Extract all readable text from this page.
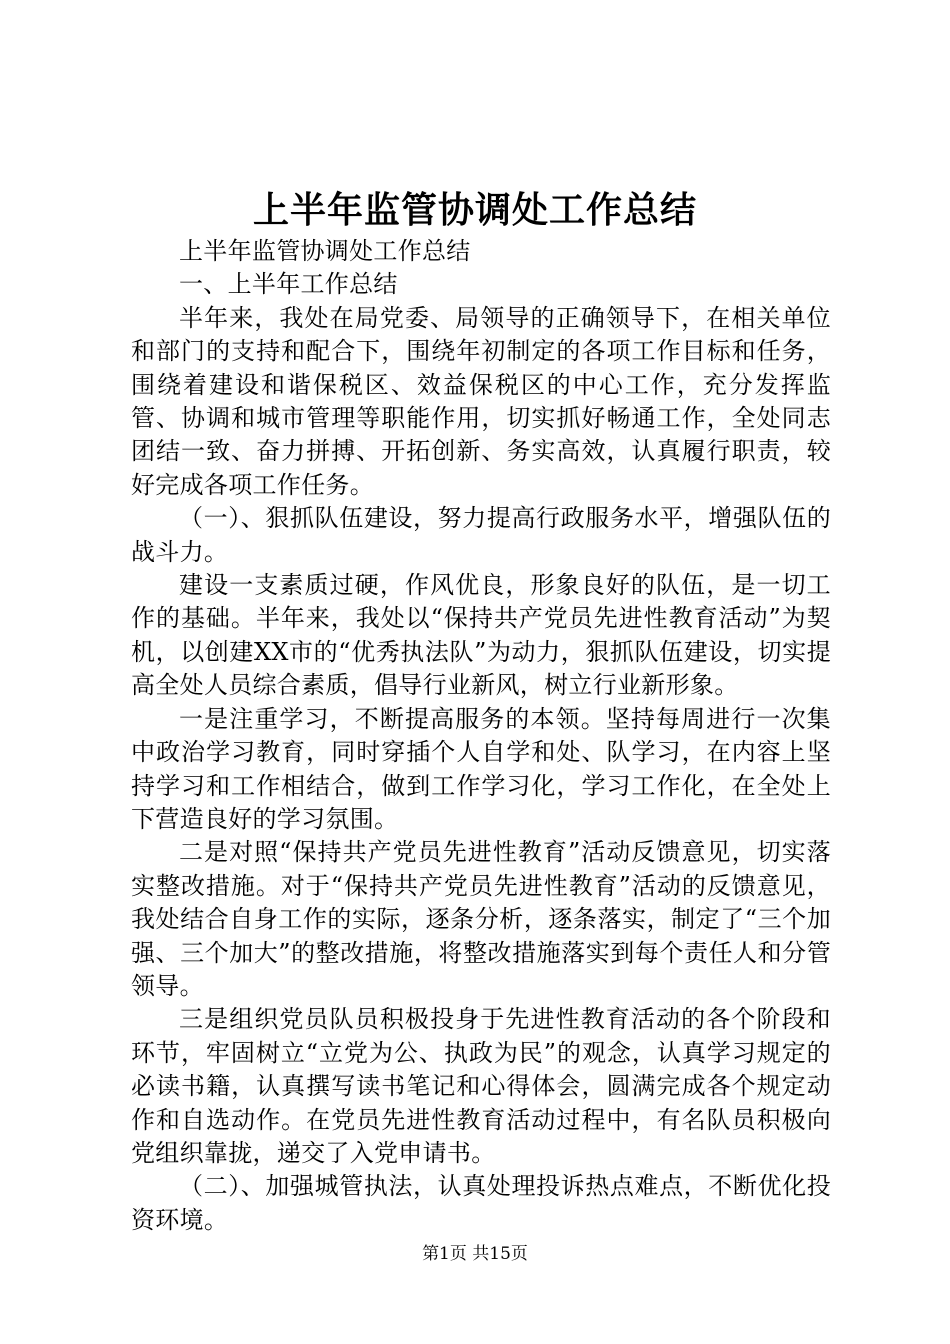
上半年监管协调处工作总结

上半年监管协调处工作总结

一、上半年工作总结

半年来，我处在局党委、局领导的正确领导下，在相关单位和部门的支持和配合下，围绕年初制定的各项工作目标和任务，围绕着建设和谐保税区、效益保税区的中心工作，充分发挥监管、协调和城市管理等职能作用，切实抓好畅通工作，全处同志团结一致、奋力拼搏、开拓创新、务实高效，认真履行职责，较好完成各项工作任务。

（一）、狠抓队伍建设，努力提高行政服务水平，增强队伍的战斗力。

建设一支素质过硬，作风优良，形象良好的队伍，是一切工作的基础。半年来，我处以“保持共产党员先进性教育活动”为契机，以创建XX市的“优秀执法队”为动力，狠抓队伍建设，切实提高全处人员综合素质，倡导行业新风，树立行业新形象。

一是注重学习，不断提高服务的本领。坚持每周进行一次集中政治学习教育，同时穿插个人自学和处、队学习，在内容上坚持学习和工作相结合，做到工作学习化，学习工作化，在全处上下营造良好的学习氛围。

二是对照“保持共产党员先进性教育”活动反馈意见，切实落实整改措施。对于“保持共产党员先进性教育”活动的反馈意见，我处结合自身工作的实际，逐条分析，逐条落实，制定了“三个加强、三个加大”的整改措施，将整改措施落实到每个责任人和分管领导。

三是组织党员队员积极投身于先进性教育活动的各个阶段和环节，牢固树立“立党为公、执政为民”的观念，认真学习规定的必读书籍，认真撰写读书笔记和心得体会，圆满完成各个规定动作和自选动作。在党员先进性教育活动过程中，有名队员积极向党组织靠拢，递交了入党申请书。

（二）、加强城管执法，认真处理投诉热点难点，不断优化投资环境。

第1页 共15页
